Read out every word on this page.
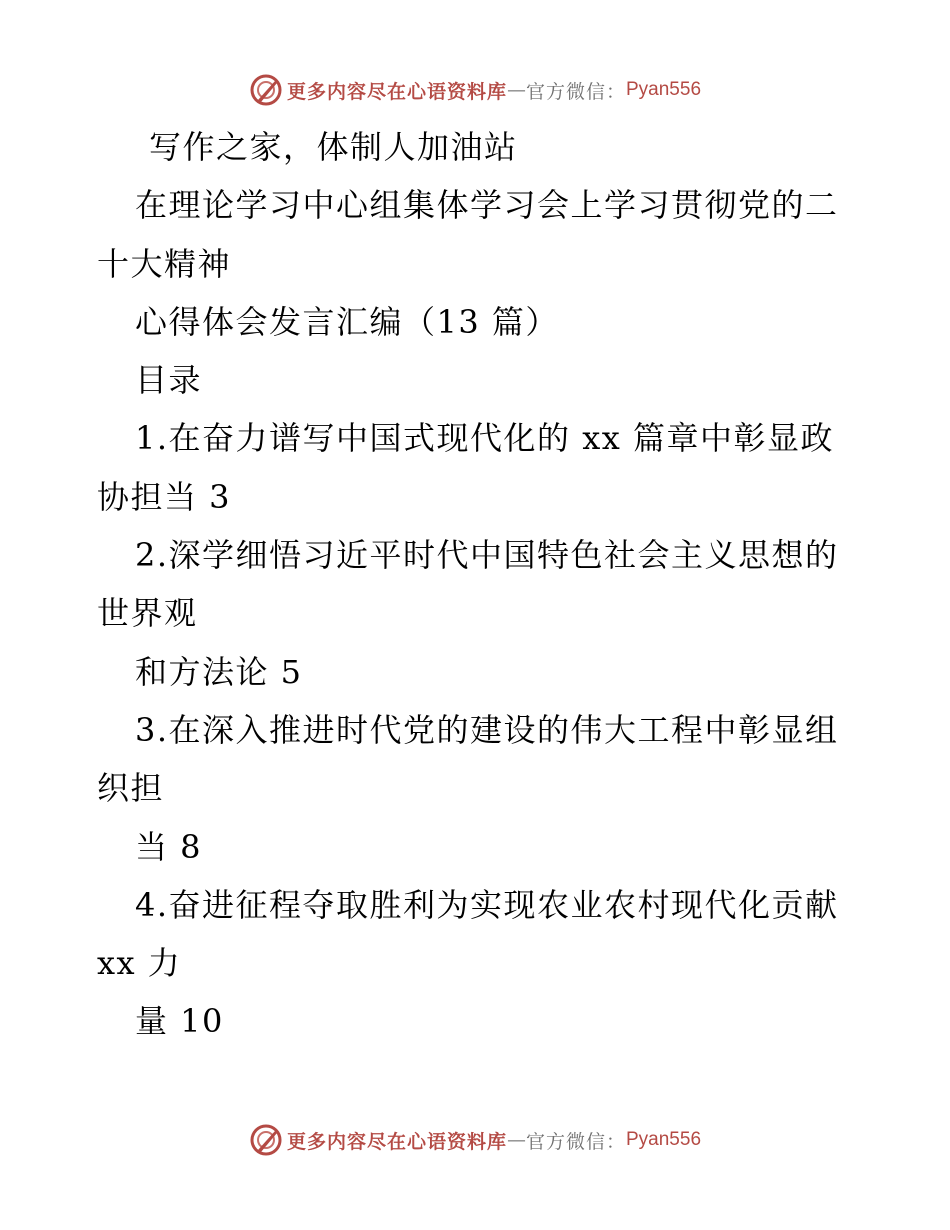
更多内容尽在心语资料库 — 官方微信： Pyan556
写作之家，体制人加油站
在理论学习中心组集体学习会上学习贯彻党的二
十大精神
心得体会发言汇编（13 篇）
目录
1.在奋力谱写中国式现代化的 xx 篇章中彰显政
协担当 3
2.深学细悟习近平时代中国特色社会主义思想的
世界观
和方法论 5
3.在深入推进时代党的建设的伟大工程中彰显组
织担
当 8
4.奋进征程夺取胜利为实现农业农村现代化贡献
xx 力
量 10
更多内容尽在心语资料库 — 官方微信： Pyan556
